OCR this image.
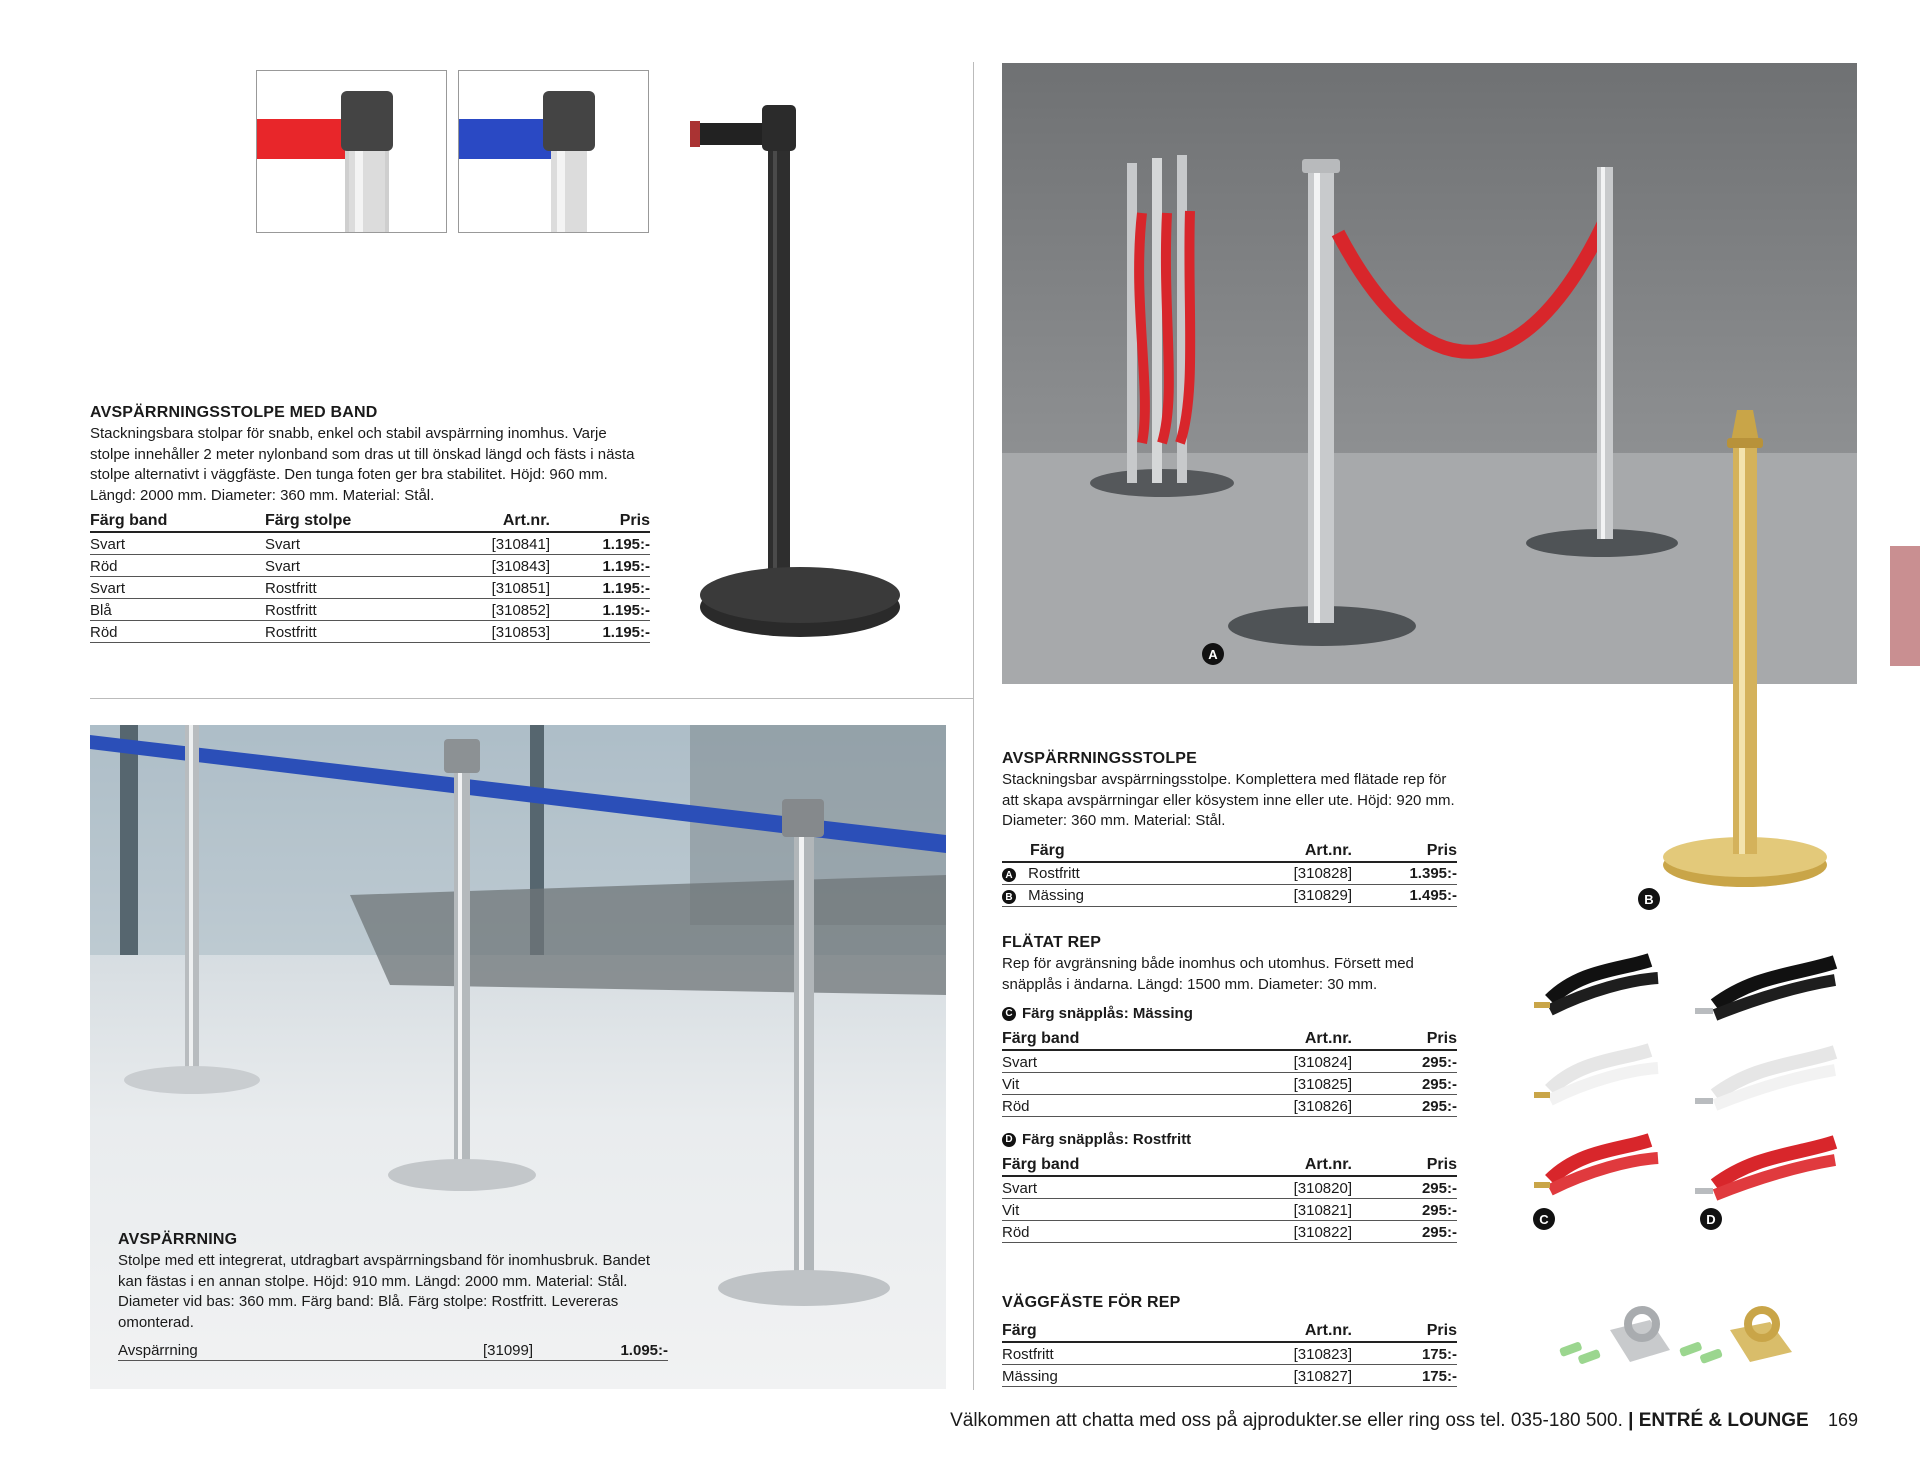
AVSPÄRRNINGSSTOLPE MED BAND

Stackningsbara stolpar för snabb, enkel och stabil avspärrning inomhus. Varje stolpe innehåller 2 meter nylonband som dras ut till önskad längd och fästs i nästa stolpe alternativt i väggfäste. Den tunga foten ger bra stabilitet. Höjd: 960 mm. Längd: 2000 mm. Diameter: 360 mm. Material: Stål.

Färg band	Färg stolpe	Art.nr.	Pris
Svart	Svart	[310841]	1.195:-
Röd	Svart	[310843]	1.195:-
Svart	Rostfritt	[310851]	1.195:-
Blå	Rostfritt	[310852]	1.195:-
Röd	Rostfritt	[310853]	1.195:-
AVSPÄRRNING

Stolpe med ett integrerat, utdragbart avspärrningsband för inomhusbruk. Bandet kan fästas i en annan stolpe. Höjd: 910 mm. Längd: 2000 mm. Material: Stål. Diameter vid bas: 360 mm. Färg band: Blå. Färg stolpe: Rostfritt. Levereras omonterad.

Avspärrning	[31099]	1.095:-
A
B
AVSPÄRRNINGSSTOLPE

Stackningsbar avspärrningsstolpe. Komplettera med flätade rep för att skapa avspärrningar eller kösystem inne eller ute. Höjd: 920 mm. Diameter: 360 mm. Material: Stål.

Färg	Art.nr.	Pris
A Rostfritt	[310828]	1.395:-
B Mässing	[310829]	1.495:-
FLÄTAT REP

Rep för avgränsning både inomhus och utomhus. Försett med snäpplås i ändarna. Längd: 1500 mm. Diameter: 30 mm.

C Färg snäpplås: Mässing
Färg band	Art.nr.	Pris
Svart	[310824]	295:-
Vit	[310825]	295:-
Röd	[310826]	295:-
D Färg snäpplås: Rostfritt
Färg band	Art.nr.	Pris
Svart	[310820]	295:-
Vit	[310821]	295:-
Röd	[310822]	295:-
VÄGGFÄSTE FÖR REP
Färg	Art.nr.	Pris
Rostfritt	[310823]	175:-
Mässing	[310827]	175:-
C	D
Välkommen att chatta med oss på ajprodukter.se eller ring oss tel. 035-180 500. | ENTRÉ & LOUNGE 169
